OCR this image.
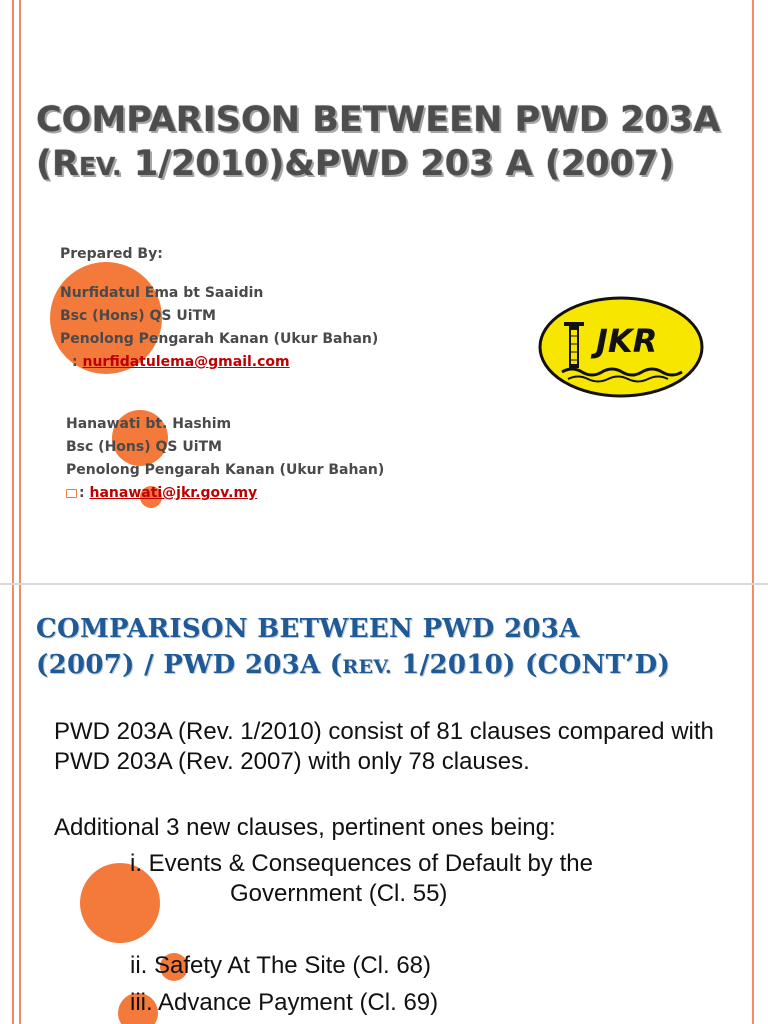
COMPARISON BETWEEN PWD 203A (REV. 1/2010)&PWD 203 A (2007)
Prepared By:
Nurfidatul Ema bt Saaidin
Bsc (Hons) QS UiTM
Penolong Pengarah Kanan (Ukur Bahan)
: nurfidatulema@gmail.com
Hanawati bt. Hashim
Bsc (Hons) QS UiTM
Penolong Pengarah Kanan (Ukur Bahan)
: hanawati@jkr.gov.my
JKR
COMPARISON BETWEEN PWD 203A
(2007) / PWD 203A (REV. 1/2010) (CONT’D)
PWD 203A (Rev. 1/2010) consist of 81 clauses compared with PWD 203A (Rev. 2007) with only 78 clauses.
Additional 3 new clauses, pertinent ones being:
i. Events & Consequences of Default by the
Government (Cl. 55)
ii. Safety At The Site (Cl. 68)
iii. Advance Payment (Cl. 69)
